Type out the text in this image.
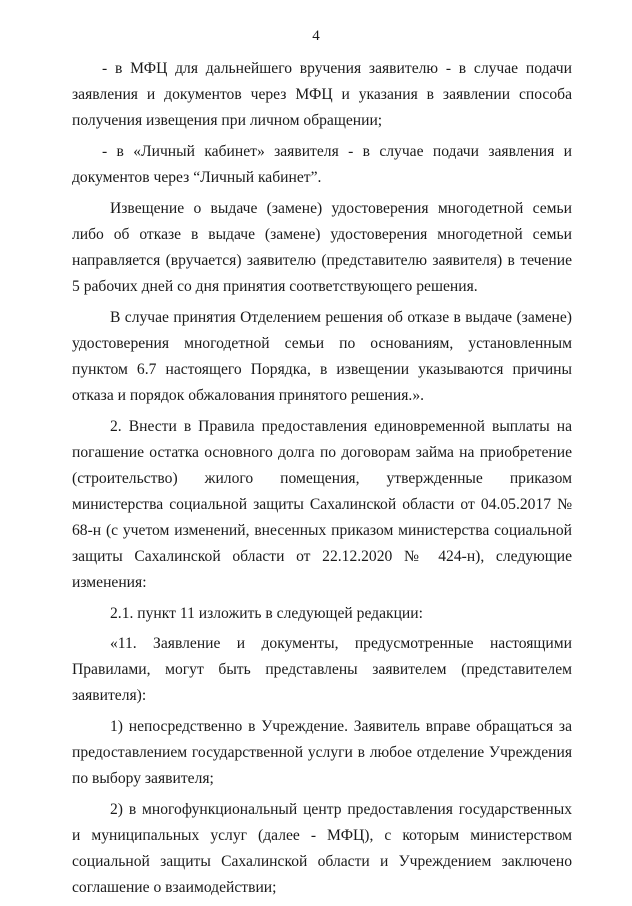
4

- в МФЦ для дальнейшего вручения заявителю - в случае подачи заявления и документов через МФЦ и указания в заявлении способа получения извещения при личном обращении;

- в «Личный кабинет» заявителя - в случае подачи заявления и документов через “Личный кабинет”.

Извещение о выдаче (замене) удостоверения многодетной семьи либо об отказе в выдаче (замене) удостоверения многодетной семьи направляется (вручается) заявителю (представителю заявителя) в течение 5 рабочих дней со дня принятия соответствующего решения.

В случае принятия Отделением решения об отказе в выдаче (замене) удостоверения многодетной семьи по основаниям, установленным пунктом 6.7 настоящего Порядка, в извещении указываются причины отказа и порядок обжалования принятого решения.».

2. Внести в Правила предоставления единовременной выплаты на погашение остатка основного долга по договорам займа на приобретение (строительство) жилого помещения, утвержденные приказом министерства социальной защиты Сахалинской области от 04.05.2017 № 68-н (с учетом изменений, внесенных приказом министерства социальной защиты Сахалинской области от 22.12.2020 № 424-н), следующие изменения:

2.1. пункт 11 изложить в следующей редакции:

«11. Заявление и документы, предусмотренные настоящими Правилами, могут быть представлены заявителем (представителем заявителя):

1) непосредственно в Учреждение. Заявитель вправе обращаться за предоставлением государственной услуги в любое отделение Учреждения по выбору заявителя;

2) в многофункциональный центр предоставления государственных и муниципальных услуг (далее - МФЦ), с которым министерством социальной защиты Сахалинской области и Учреждением заключено соглашение о взаимодействии;
